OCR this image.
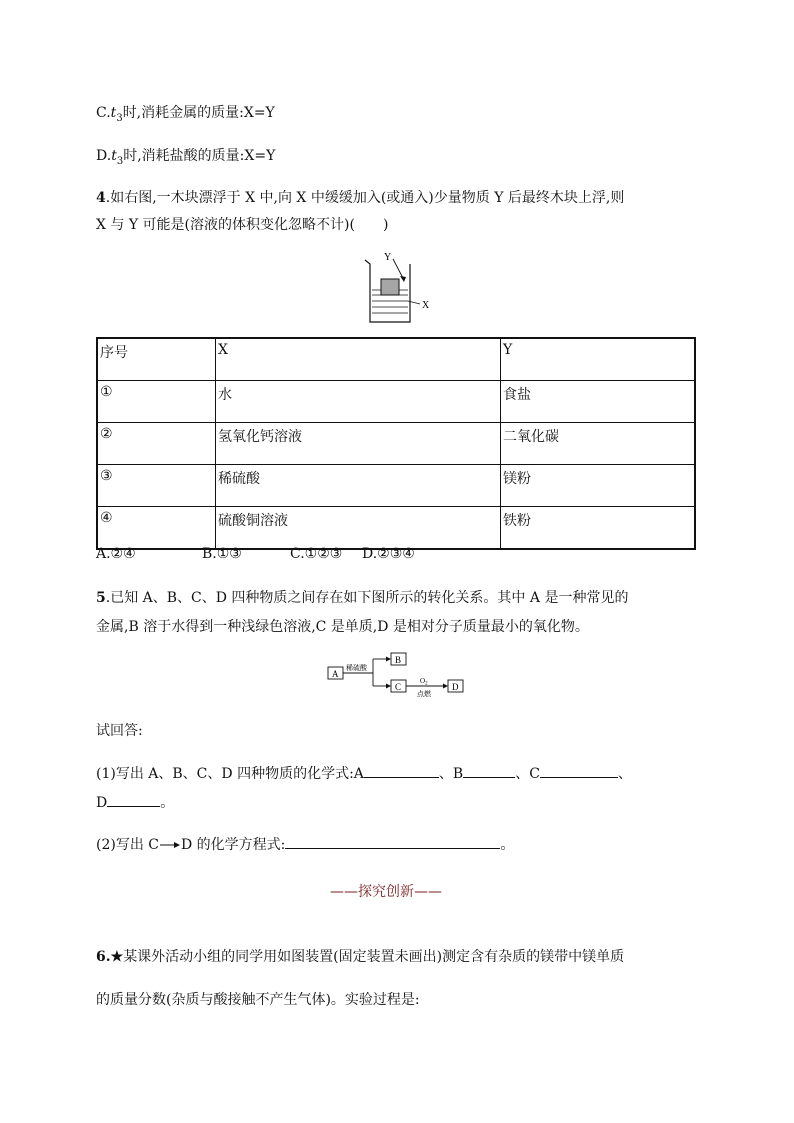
$C.t_3$时,消耗金属的质量:X=Y
$D.t_3$时,消耗盐酸的质量:X=Y
4.如右图,一木块漂浮于 X 中,向 X 中缓缓加入(或通入)少量物质 Y 后最终木块上浮,则
X 与 Y 可能是(溶液的体积变化忽略不计)(　　)
Y
X
序号	X	Y
①	水	食盐
②	氢氧化钙溶液	二氧化碳
③	稀硫酸	镁粉
④	硫酸铜溶液	铁粉
A.②④	B.①③	C.①②③ D.②③④
5.已知 A、B、C、D 四种物质之间存在如下图所示的转化关系。其中 A 是一种常见的
金属,B 溶于水得到一种浅绿色溶液,C 是单质,D 是相对分子质量最小的氧化物。
A
稀硫酸
B
C
$O_2$
点燃
D
试回答:
(1)写出 A、B、C、D 四种物质的化学式:A	、B	、C	、
D	。
(2)写出 C→D 的化学方程式:	。
——探究创新——
6.★某课外活动小组的同学用如图装置(固定装置未画出)测定含有杂质的镁带中镁单质
的质量分数(杂质与酸接触不产生气体)。实验过程是:
